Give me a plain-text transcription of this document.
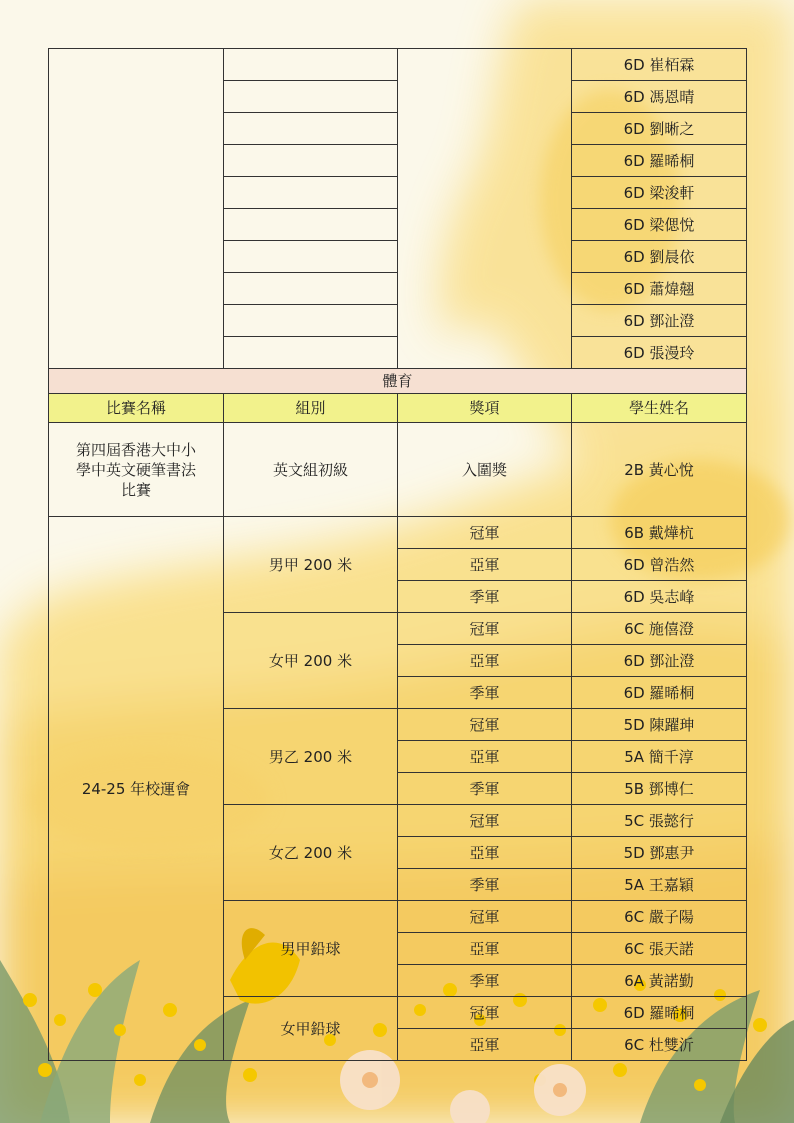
			6D 崔栢霖
			6D 馮恩晴
			6D 劉晰之
			6D 羅晞桐
			6D 梁浚軒
			6D 梁偲悅
			6D 劉晨依
			6D 蕭煒翹
			6D 鄧沚澄
			6D 張漫玲
體育			
比賽名稱	組別	獎項	學生姓名

第四屆香港大中小
學中英文硬筆書法
比賽	英文組初級	入圍獎	2B 黃心悅
24-25 年校運會	男甲 200 米	冠軍	6B 戴燁杭
		亞軍	6D 曾浩然
		季軍	6D 吳志峰
	女甲 200 米	冠軍	6C 施僖澄
		亞軍	6D 鄧沚澄
		季軍	6D 羅晞桐
	男乙 200 米	冠軍	5D 陳躍珅
		亞軍	5A 簡千淳
		季軍	5B 鄧博仁
	女乙 200 米	冠軍	5C 張懿行
		亞軍	5D 鄧惠尹
		季軍	5A 王嘉穎
	男甲鉛球	冠軍	6C 嚴子陽
		亞軍	6C 張天諾
		季軍	6A 黃諾勤
	女甲鉛球	冠軍	6D 羅晞桐
		亞軍	6C 杜雙沂
